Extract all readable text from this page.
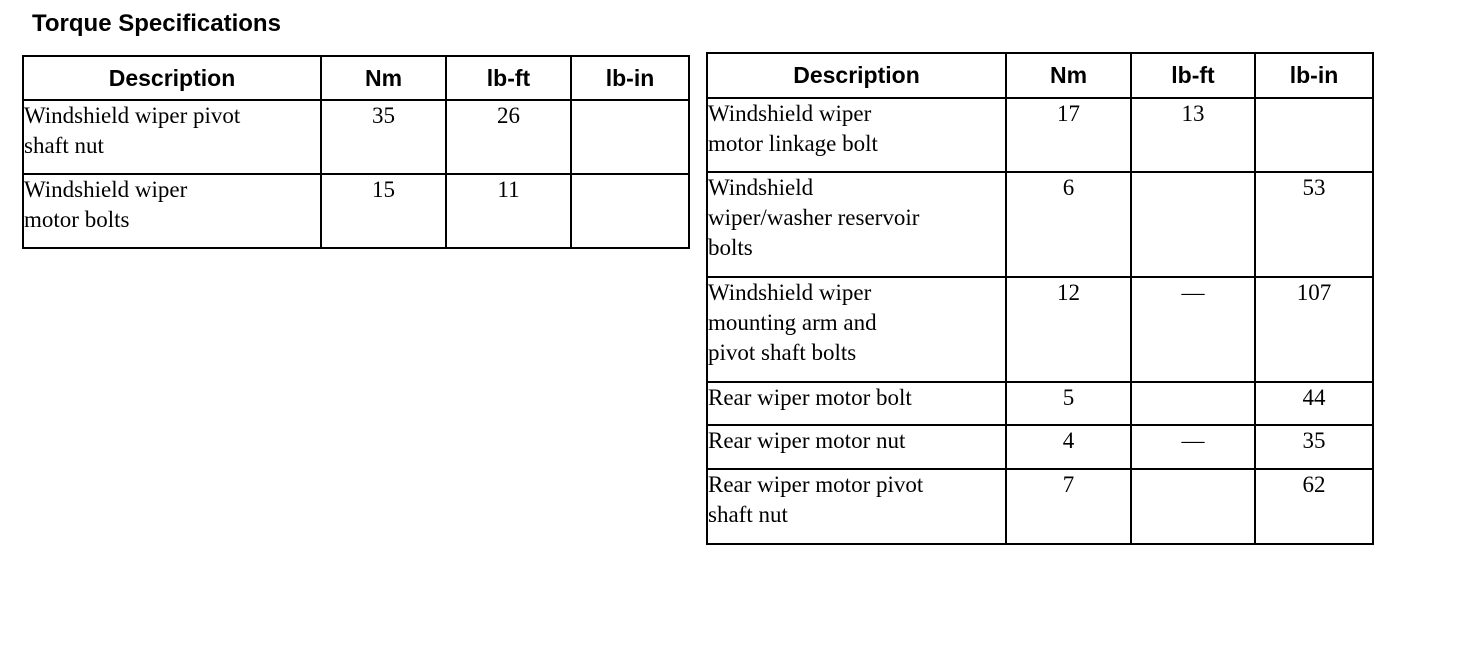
Torque Specifications
Description	Nm	lb-ft	lb-in
Windshield wiper pivot
shaft nut	35	26	
Windshield wiper
motor bolts	15	11	
Description	Nm	lb-ft	lb-in
Windshield wiper
motor linkage bolt	17	13	
Windshield
wiper/washer reservoir
bolts	6		53
Windshield wiper
mounting arm and
pivot shaft bolts	12	—	107
Rear wiper motor bolt	5		44
Rear wiper motor nut	4	—	35
Rear wiper motor pivot
shaft nut	7		62
